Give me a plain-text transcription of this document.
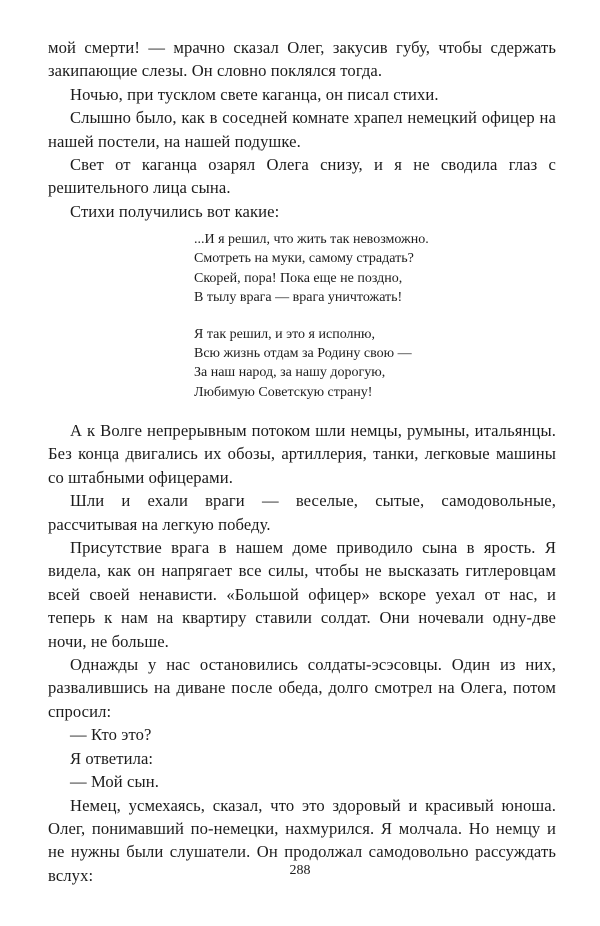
мой смерти! — мрачно сказал Олег, закусив губу, чтобы сдержать закипающие слезы. Он словно поклялся тогда.

Ночью, при тусклом свете каганца, он писал стихи.

Слышно было, как в соседней комнате храпел немецкий офицер на нашей постели, на нашей подушке.

Свет от каганца озарял Олега снизу, и я не сводила глаз с решительного лица сына.

Стихи получились вот какие:

...И я решил, что жить так невозможно.
Смотреть на муки, самому страдать?
Скорей, пора! Пока еще не поздно,
В тылу врага — врага уничтожать!
Я так решил, и это я исполню,
Всю жизнь отдам за Родину свою —
За наш народ, за нашу дорогую,
Любимую Советскую страну!

А к Волге непрерывным потоком шли немцы, румыны, итальянцы. Без конца двигались их обозы, артиллерия, танки, легковые машины со штабными офицерами.

Шли и ехали враги — веселые, сытые, самодовольные, рассчитывая на легкую победу.

Присутствие врага в нашем доме приводило сына в ярость. Я видела, как он напрягает все силы, чтобы не высказать гитлеровцам всей своей ненависти. «Большой офицер» вскоре уехал от нас, и теперь к нам на квартиру ставили солдат. Они ночевали одну-две ночи, не больше.

Однажды у нас остановились солдаты-эсэсовцы. Один из них, развалившись на диване после обеда, долго смотрел на Олега, потом спросил:

— Кто это?

Я ответила:

— Мой сын.

Немец, усмехаясь, сказал, что это здоровый и красивый юноша. Олег, понимавший по-немецки, нахмурился. Я молчала. Но немцу и не нужны были слушатели. Он продолжал самодовольно рассуждать вслух:	288
